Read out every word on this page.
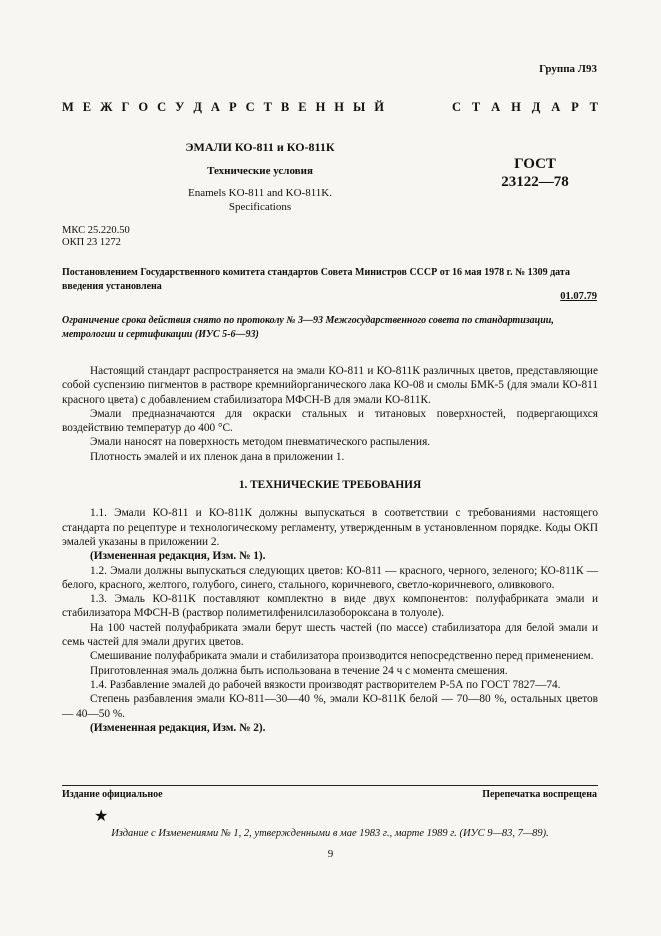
Группа Л93
М Е Ж Г О С У Д А Р С Т В Е Н Н Ы Й	С Т А Н Д А Р Т
ЭМАЛИ КО-811 и КО-811К
Технические условия
Enamels KO-811 and KO-811K.
Specifications
ГОСТ
23122—78
МКС 25.220.50
ОКП 23 1272
Постановлением Государственного комитета стандартов Совета Министров СССР от 16 мая 1978 г. № 1309 дата введения установлена
01.07.79
Ограничение срока действия снято по протоколу № 3—93 Межгосударственного совета по стандартизации, метрологии и сертификации (ИУС 5-6—93)

Настоящий стандарт распространяется на эмали КО-811 и КО-811К различных цветов, представляющие собой суспензию пигментов в растворе кремнийорганического лака КО-08 и смолы БМК-5 (для эмали КО-811 красного цвета) с добавлением стабилизатора МФСН-В для эмали КО-811К.

Эмали предназначаются для окраски стальных и титановых поверхностей, подвергающихся воздействию температур до 400 °С.

Эмали наносят на поверхность методом пневматического распыления.

Плотность эмалей и их пленок дана в приложении 1.

1. ТЕХНИЧЕСКИЕ ТРЕБОВАНИЯ

1.1. Эмали КО-811 и КО-811К должны выпускаться в соответствии с требованиями настоящего стандарта по рецептуре и технологическому регламенту, утвержденным в установленном порядке. Коды ОКП эмалей указаны в приложении 2.

(Измененная редакция, Изм. № 1).

1.2. Эмали должны выпускаться следующих цветов: КО-811 — красного, черного, зеленого; КО-811К — белого, красного, желтого, голубого, синего, стального, коричневого, светло-коричневого, оливкового.

1.3. Эмаль КО-811К поставляют комплектно в виде двух компонентов: полуфабриката эмали и стабилизатора МФСН-В (раствор полиметилфенилсилазобороксана в толуоле).

На 100 частей полуфабриката эмали берут шесть частей (по массе) стабилизатора для белой эмали и семь частей для эмали других цветов.

Смешивание полуфабриката эмали и стабилизатора производится непосредственно перед применением.

Приготовленная эмаль должна быть использована в течение 24 ч с момента смешения.

1.4. Разбавление эмалей до рабочей вязкости производят растворителем Р-5А по ГОСТ 7827—74.

Степень разбавления эмали КО-811—30—40 %, эмали КО-811К белой — 70—80 %, остальных цветов — 40—50 %.

(Измененная редакция, Изм. № 2).

Издание официальное	Перепечатка воспрещена
★
Издание с Изменениями № 1, 2, утвержденными в мае 1983 г., марте 1989 г. (ИУС 9—83, 7—89).
9
